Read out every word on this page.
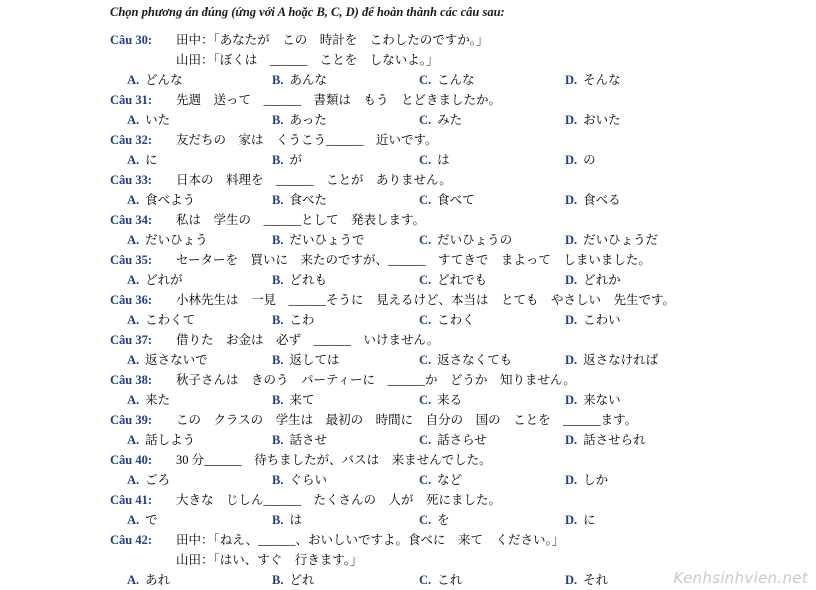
Chọn phương án đúng (ứng với A hoặc B, C, D) để hoàn thành các câu sau:
Câu 30: 田中：「あなたが　この　時計を　こわしたのですか。」
山田：「ぼくは　______　ことを　しないよ。」
A. どんな	B. あんな	C. こんな	D. そんな
Câu 31: 先週　送って　______　書類は　もう　とどきましたか。
A. いた	B. あった	C. みた	D. おいた
Câu 32: 友だちの　家は　くうこう______　近いです。
A. に	B. が	C. は	D. の
Câu 33: 日本の　料理を　______　ことが　ありません。
A. 食べよう	B. 食べた	C. 食べて	D. 食べる
Câu 34: 私は　学生の　______として　発表します。
A. だいひょう	B. だいひょうで	C. だいひょうの	D. だいひょうだ
Câu 35: セーターを　買いに　来たのですが、______　すてきで　まよって　しまいました。
A. どれが	B. どれも	C. どれでも	D. どれか
Câu 36: 小林先生は　一見　______そうに　見えるけど、本当は　とても　やさしい　先生です。
A. こわくて	B. こわ	C. こわく	D. こわい
Câu 37: 借りた　お金は　必ず　______　いけません。
A. 返さないで	B. 返しては	C. 返さなくても	D. 返さなければ
Câu 38: 秋子さんは　きのう　パーティーに　______か　どうか　知りません。
A. 来た	B. 来て	C. 来る	D. 来ない
Câu 39: この　クラスの　学生は　最初の　時間に　自分の　国の　ことを　______ます。
A. 話しよう	B. 話させ	C. 話さらせ	D. 話させられ
Câu 40: 30 分______　待ちましたが、バスは　来ませんでした。
A. ごろ	B. ぐらい	C. など	D. しか
Câu 41: 大きな　じしん______　たくさんの　人が　死にました。
A. で	B. は	C. を	D. に
Câu 42: 田中：「ねえ、______、おいしいですよ。食べに　来て　ください。」
山田：「はい、すぐ　行きます。」
A. あれ	B. どれ	C. これ	D. それ	Kenhsinhvien.net
